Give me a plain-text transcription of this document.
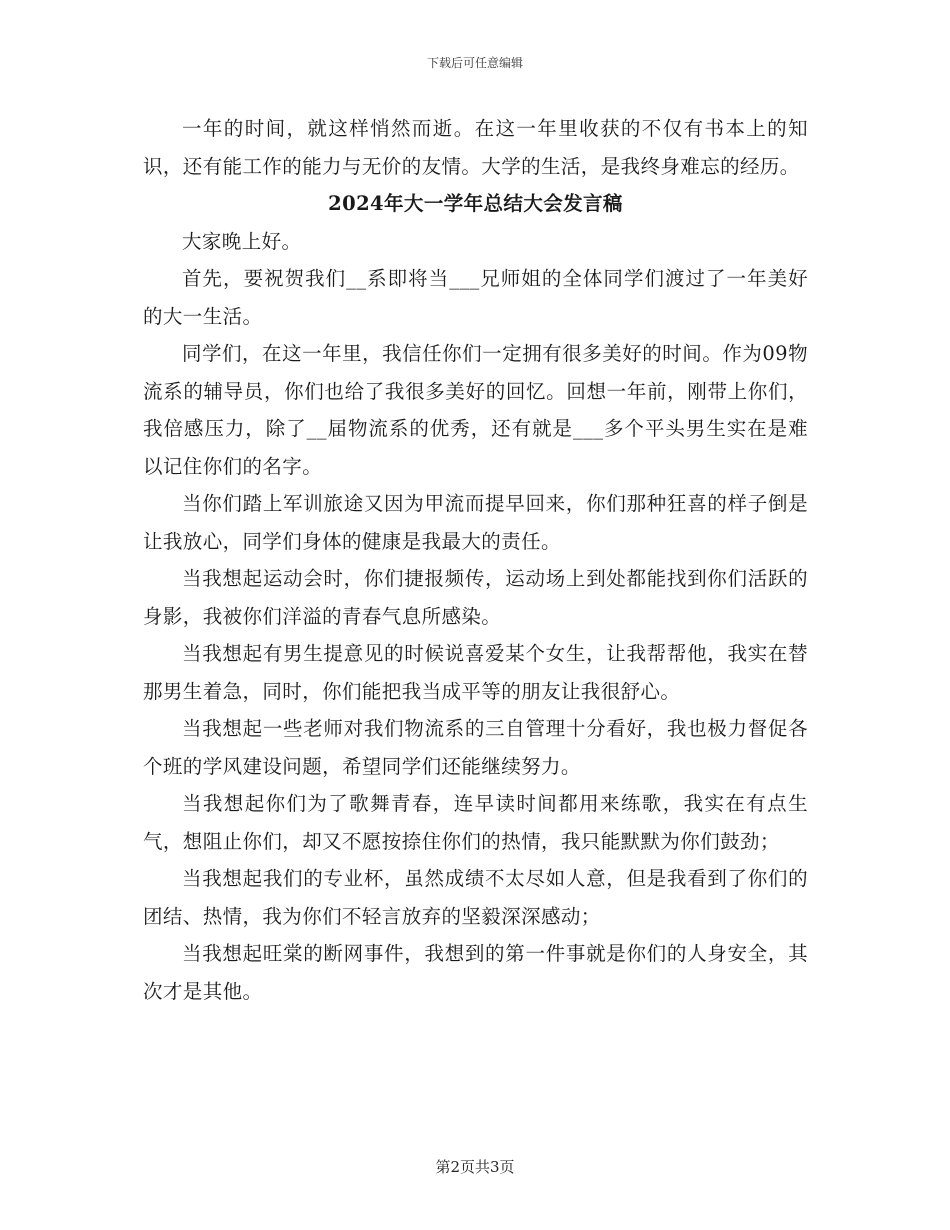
下载后可任意编辑

一年的时间，就这样悄然而逝。在这一年里收获的不仅有书本上的知识，还有能工作的能力与无价的友情。大学的生活，是我终身难忘的经历。

2024年大一学年总结大会发言稿

大家晚上好。

首先，要祝贺我们__系即将当___兄师姐的全体同学们渡过了一年美好的大一生活。

同学们，在这一年里，我信任你们一定拥有很多美好的时间。作为09物流系的辅导员，你们也给了我很多美好的回忆。回想一年前，刚带上你们，我倍感压力，除了__届物流系的优秀，还有就是___多个平头男生实在是难以记住你们的名字。

当你们踏上军训旅途又因为甲流而提早回来，你们那种狂喜的样子倒是让我放心，同学们身体的健康是我最大的责任。

当我想起运动会时，你们捷报频传，运动场上到处都能找到你们活跃的身影，我被你们洋溢的青春气息所感染。

当我想起有男生提意见的时候说喜爱某个女生，让我帮帮他，我实在替那男生着急，同时，你们能把我当成平等的朋友让我很舒心。

当我想起一些老师对我们物流系的三自管理十分看好，我也极力督促各个班的学风建设问题，希望同学们还能继续努力。

当我想起你们为了歌舞青春，连早读时间都用来练歌，我实在有点生气，想阻止你们，却又不愿按捺住你们的热情，我只能默默为你们鼓劲；

当我想起我们的专业杯，虽然成绩不太尽如人意，但是我看到了你们的团结、热情，我为你们不轻言放弃的坚毅深深感动；

当我想起旺棠的断网事件，我想到的第一件事就是你们的人身安全，其次才是其他。

第2页共3页
